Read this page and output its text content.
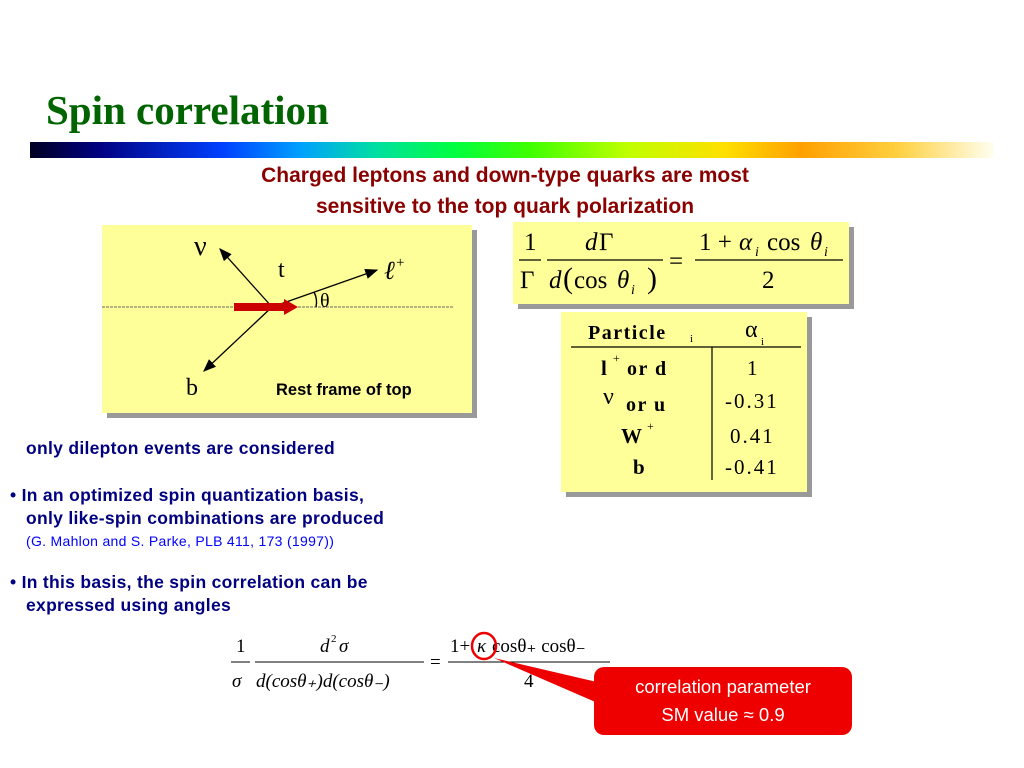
Spin correlation
Charged leptons and down-type quarks are most
sensitive to the top quark polarization
ν
t	ℓ +
θ
b	Rest frame of top
1
Γ
d Γ
d ( cos θ i )
=
1 + α i cos θ i
2
Particle i α i
l + or d	1
ν or u	-0.31
W +	0.41
b	-0.41
only dilepton events are considered
• In an optimized spin quantization basis,
only like-spin combinations are produced
(G. Mahlon and S. Parke, PLB 411, 173 (1997))
• In this basis, the spin correlation can be
expressed using angles
1
σ
d 2 σ
d(cosθ₊)d(cosθ₋)
=
1+ κ cosθ₊ cosθ₋
4	correlation parameter
SM value ≈ 0.9
